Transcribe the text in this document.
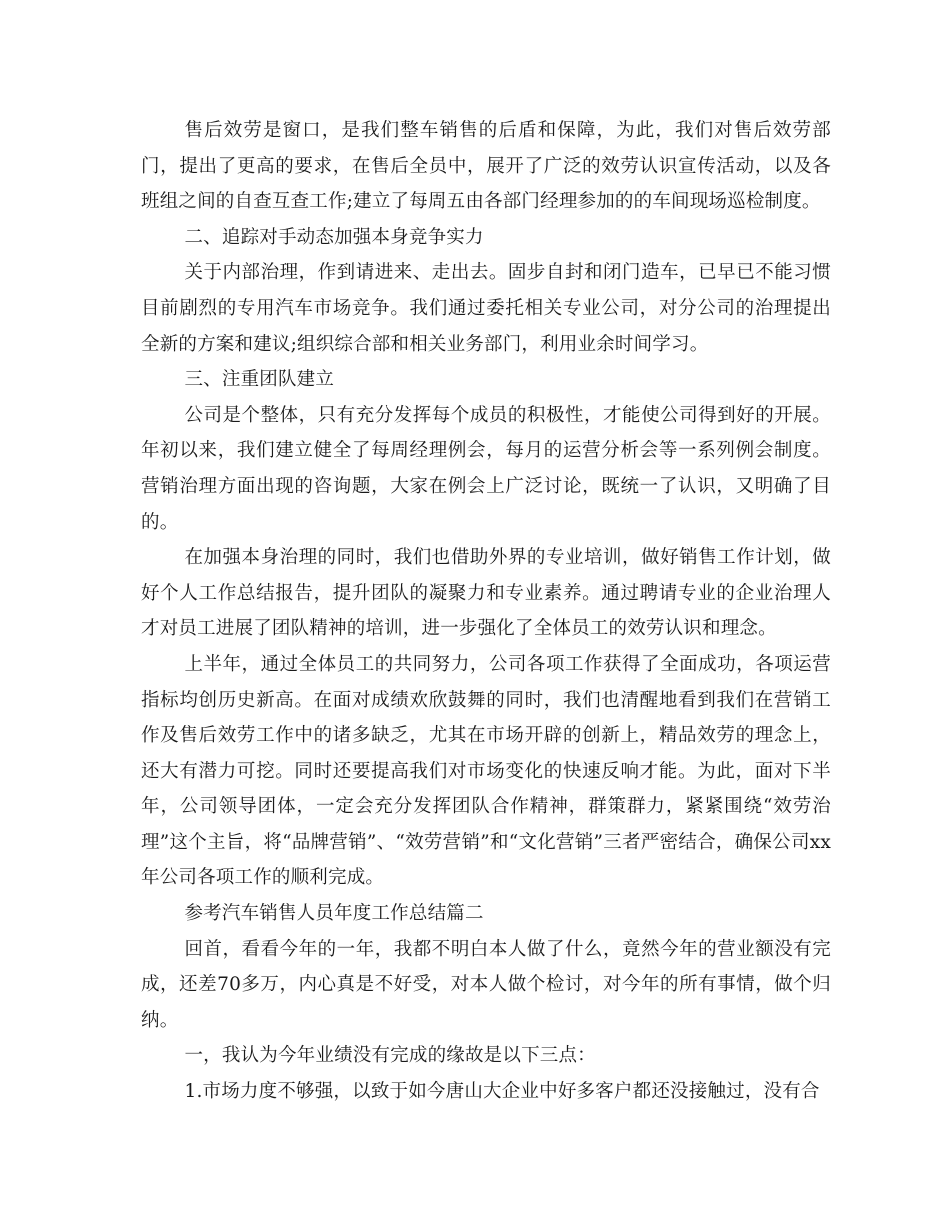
售后效劳是窗口，是我们整车销售的后盾和保障，为此，我们对售后效劳部门，提出了更高的要求，在售后全员中，展开了广泛的效劳认识宣传活动，以及各班组之间的自查互查工作;建立了每周五由各部门经理参加的的车间现场巡检制度。

二、追踪对手动态加强本身竞争实力

关于内部治理，作到请进来、走出去。固步自封和闭门造车，已早已不能习惯目前剧烈的专用汽车市场竞争。我们通过委托相关专业公司，对分公司的治理提出全新的方案和建议;组织综合部和相关业务部门，利用业余时间学习。

三、注重团队建立

公司是个整体，只有充分发挥每个成员的积极性，才能使公司得到好的开展。年初以来，我们建立健全了每周经理例会，每月的运营分析会等一系列例会制度。营销治理方面出现的咨询题，大家在例会上广泛讨论，既统一了认识，又明确了目的。

在加强本身治理的同时，我们也借助外界的专业培训，做好销售工作计划，做好个人工作总结报告，提升团队的凝聚力和专业素养。通过聘请专业的企业治理人才对员工进展了团队精神的培训，进一步强化了全体员工的效劳认识和理念。

上半年，通过全体员工的共同努力，公司各项工作获得了全面成功，各项运营指标均创历史新高。在面对成绩欢欣鼓舞的同时，我们也清醒地看到我们在营销工作及售后效劳工作中的诸多缺乏，尤其在市场开辟的创新上，精品效劳的理念上，还大有潜力可挖。同时还要提高我们对市场变化的快速反响才能。为此，面对下半年，公司领导团体，一定会充分发挥团队合作精神，群策群力，紧紧围绕“效劳治理”这个主旨，将“品牌营销”、“效劳营销”和“文化营销”三者严密结合，确保公司xx年公司各项工作的顺利完成。

参考汽车销售人员年度工作总结篇二

回首，看看今年的一年，我都不明白本人做了什么，竟然今年的营业额没有完成，还差70多万，内心真是不好受，对本人做个检讨，对今年的所有事情，做个归纳。

一，我认为今年业绩没有完成的缘故是以下三点：

1.市场力度不够强，以致于如今唐山大企业中好多客户都还没接触过，没有合
